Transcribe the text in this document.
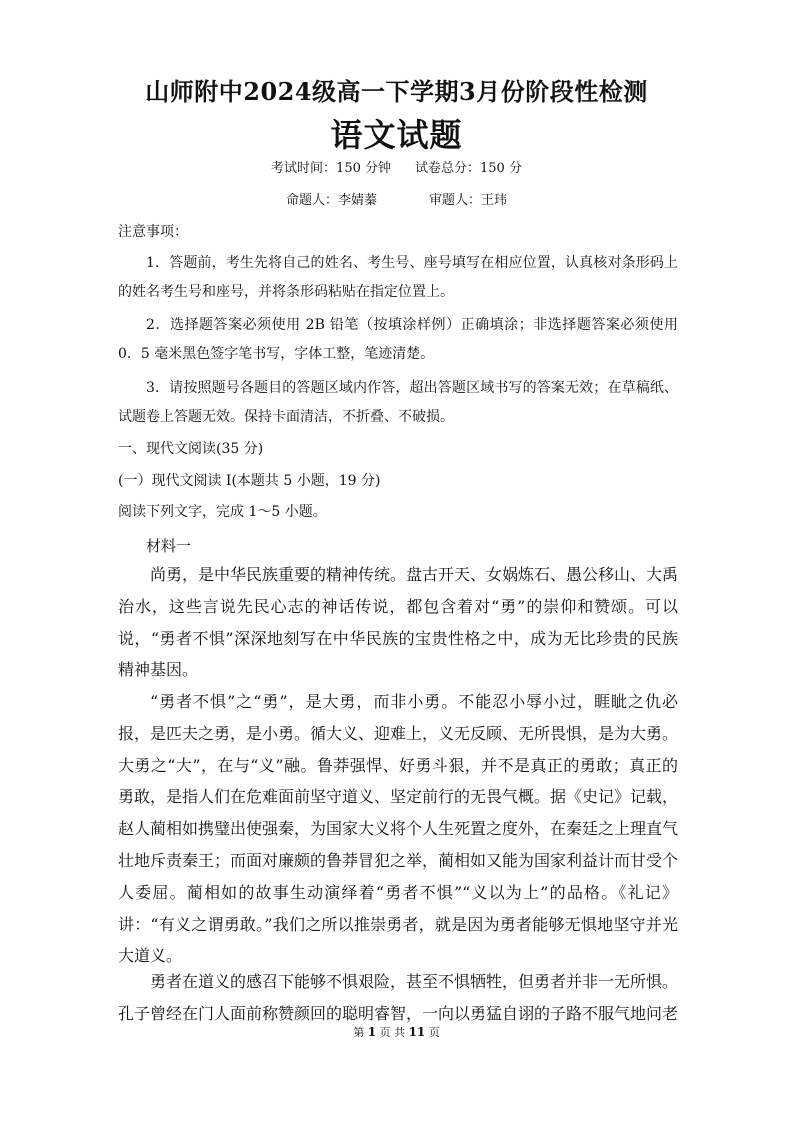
山师附中2024级高一下学期3月份阶段性检测
语文试题
考试时间：150 分钟 试卷总分：150 分
命题人：李婧蓁	审题人：王玮
注意事项：

1．答题前，考生先将自己的姓名、考生号、座号填写在相应位置，认真核对条形码上的姓名考生号和座号，并将条形码粘贴在指定位置上。

2．选择题答案必须使用 2B 铅笔（按填涂样例）正确填涂；非选择题答案必须使用 0．5 毫米黑色签字笔书写，字体工整，笔迹清楚。

3．请按照题号各题目的答题区域内作答，超出答题区域书写的答案无效；在草稿纸、试题卷上答题无效。保持卡面清洁，不折叠、不破损。

一、现代文阅读(35 分)
(一）现代文阅读 I(本题共 5 小题，19 分)
阅读下列文字，完成 1～5 小题。
材料一

尚勇，是中华民族重要的精神传统。盘古开天、女娲炼石、愚公移山、大禹治水，这些言说先民心志的神话传说，都包含着对“勇”的崇仰和赞颂。可以说，“勇者不惧”深深地刻写在中华民族的宝贵性格之中，成为无比珍贵的民族精神基因。

“勇者不惧”之“勇”，是大勇，而非小勇。不能忍小辱小过，睚眦之仇必报，是匹夫之勇，是小勇。循大义、迎难上，义无反顾、无所畏惧，是为大勇。大勇之“大”，在与“义”融。鲁莽强悍、好勇斗狠，并不是真正的勇敢；真正的勇敢，是指人们在危难面前坚守道义、坚定前行的无畏气概。据《史记》记载，赵人蔺相如携璧出使强秦，为国家大义将个人生死置之度外，在秦廷之上理直气壮地斥责秦王；而面对廉颇的鲁莽冒犯之举，蔺相如又能为国家利益计而甘受个人委屈。蔺相如的故事生动演绎着“勇者不惧”“义以为上”的品格。《礼记》讲：“有义之谓勇敢。”我们之所以推崇勇者，就是因为勇者能够无惧地坚守并光大道义。

勇者在道义的感召下能够不惧艰险，甚至不惧牺牲，但勇者并非一无所惧。孔子曾经在门人面前称赞颜回的聪明睿智，一向以勇猛自诩的子路不服气地问老

第 1 页 共 11 页
